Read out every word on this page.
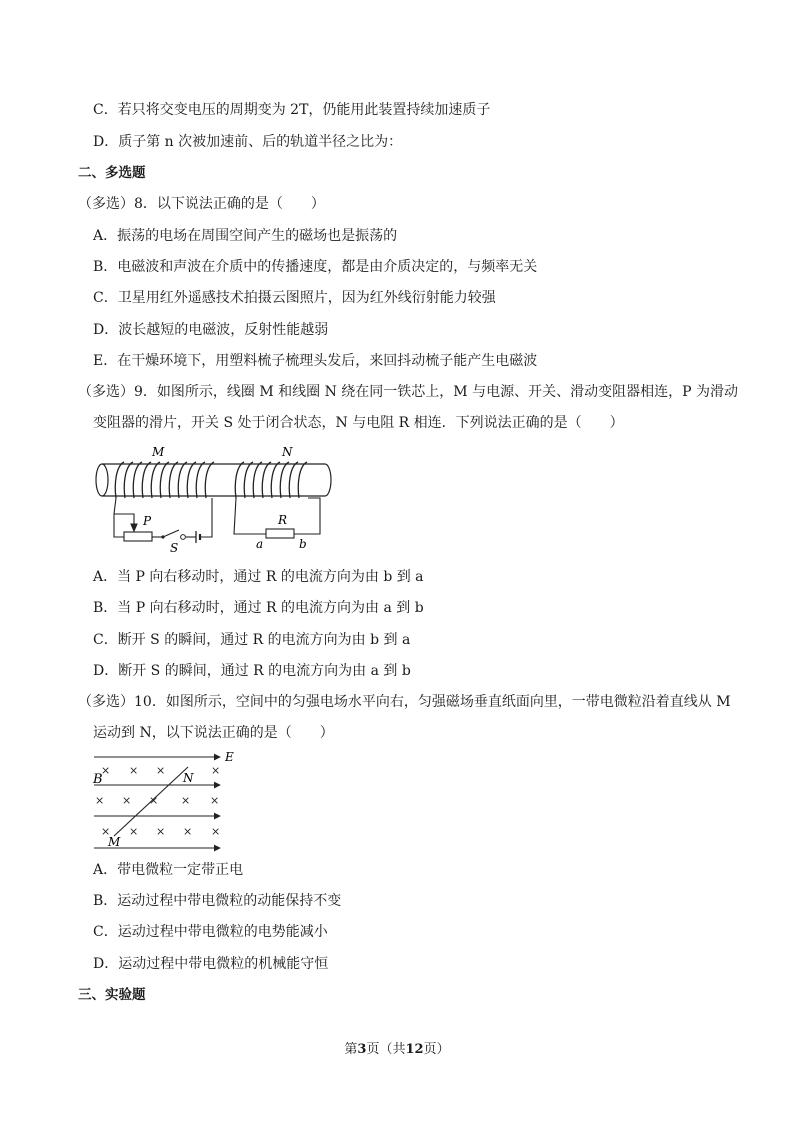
C．若只将交变电压的周期变为 2T，仍能用此装置持续加速质子
D．质子第 n 次被加速前、后的轨道半径之比为：
二、多选题
（多选）8．以下说法正确的是（　　）
A．振荡的电场在周围空间产生的磁场也是振荡的
B．电磁波和声波在介质中的传播速度，都是由介质决定的，与频率无关
C．卫星用红外遥感技术拍摄云图照片，因为红外线衍射能力较强
D．波长越短的电磁波，反射性能越弱
E．在干燥环境下，用塑料梳子梳理头发后，来回抖动梳子能产生电磁波
（多选）9．如图所示，线圈 M 和线圈 N 绕在同一铁芯上，M 与电源、开关、滑动变阻器相连，P 为滑动
变阻器的滑片，开关 S 处于闭合状态，N 与电阻 R 相连．下列说法正确的是（　　）
M	N
P
S
R
a	b
A．当 P 向右移动时，通过 R 的电流方向为由 b 到 a
B．当 P 向右移动时，通过 R 的电流方向为由 a 到 b
C．断开 S 的瞬间，通过 R 的电流方向为由 b 到 a
D．断开 S 的瞬间，通过 R 的电流方向为由 a 到 b
（多选）10．如图所示，空间中的匀强电场水平向右，匀强磁场垂直纸面向里，一带电微粒沿着直线从 M
运动到 N，以下说法正确的是（　　）
× × ×	×
× × × × ×
× × × × ×
E
B	N
M
A．带电微粒一定带正电
B．运动过程中带电微粒的动能保持不变
C．运动过程中带电微粒的电势能减小
D．运动过程中带电微粒的机械能守恒
三、实验题
第3页（共12页）
